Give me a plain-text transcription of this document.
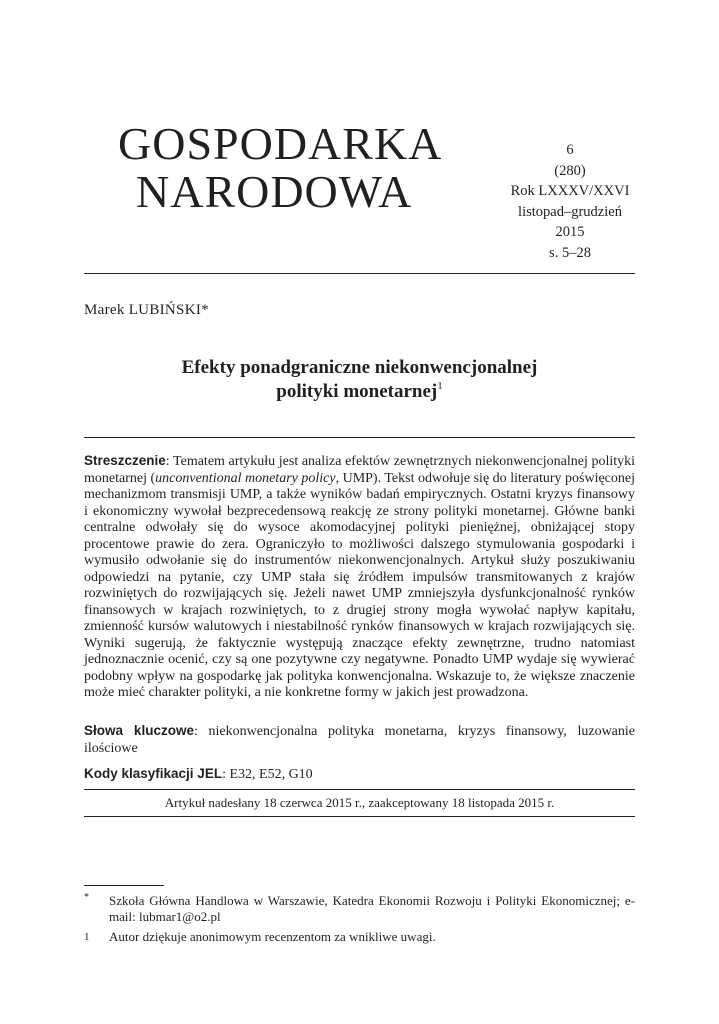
GOSPODARKA
NARODOWA
6
(280)
Rok LXXXV/XXVI
listopad–grudzień
2015
s. 5–28
Marek LUBIŃSKI*
Efekty ponadgraniczne niekonwencjonalnej
polityki monetarnej$^1$
Streszczenie: Tematem artykułu jest analiza efektów zewnętrznych niekonwencjonalnej polityki monetarnej (unconventional monetary policy, UMP). Tekst odwołuje się do literatury poświęconej mechanizmom transmisji UMP, a także wyników badań empirycznych. Ostatni kryzys finansowy i ekonomiczny wywołał bezprecedensową reakcję ze strony polityki monetarnej. Główne banki centralne odwołały się do wysoce akomodacyjnej polityki pieniężnej, obniżającej stopy procentowe prawie do zera. Ograniczyło to możliwości dalszego stymulowania gospodarki i wymusiło odwołanie się do instrumentów niekonwencjonalnych. Artykuł służy poszukiwaniu odpowiedzi na pytanie, czy UMP stała się źródłem impulsów transmitowanych z krajów rozwiniętych do rozwijających się. Jeżeli nawet UMP zmniejszyła dysfunkcjonalność rynków finansowych w krajach rozwiniętych, to z drugiej strony mogła wywołać napływ kapitału, zmienność kursów walutowych i niestabilność rynków finansowych w krajach rozwijających się. Wyniki sugerują, że faktycznie występują znaczące efekty zewnętrzne, trudno natomiast jednoznacznie ocenić, czy są one pozytywne czy negatywne. Ponadto UMP wydaje się wywierać podobny wpływ na gospodarkę jak polityka konwencjonalna. Wskazuje to, że większe znaczenie może mieć charakter polityki, a nie konkretne formy w jakich jest prowadzona.
Słowa kluczowe: niekonwencjonalna polityka monetarna, kryzys finansowy, luzowanie ilościowe
Kody klasyfikacji JEL: E32, E52, G10
Artykuł nadesłany 18 czerwca 2015 r., zaakceptowany 18 listopada 2015 r.
* Szkoła Główna Handlowa w Warszawie, Katedra Ekonomii Rozwoju i Polityki Ekonomicznej; e-mail: lubmar1@o2.pl
1 Autor dziękuje anonimowym recenzentom za wnikliwe uwagi.
